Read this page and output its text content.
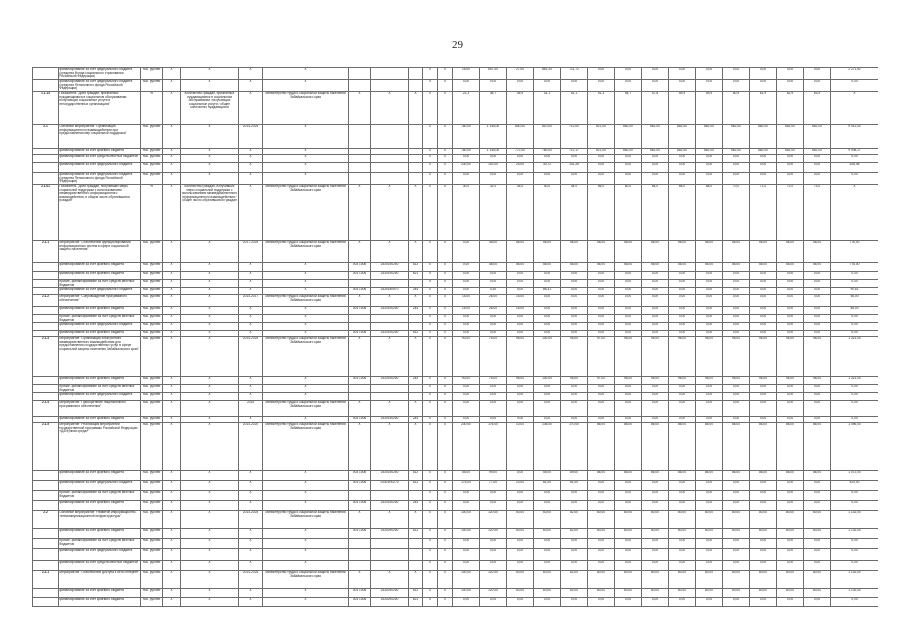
29

	финансирование за счет федерального бюджета (средства Фонда социального страхования Российской Федерации)	тыс. рублей	Х	Х	Х	Х				Х	Х	15,00	657,00	27,00	861,20	711,72	0,00	0,00	0,00	0,00	0,00	0,00	0,00	0,00	0,00	2 271,92

	финансирование за счет федерального бюджета (средства Пенсионного фонда Российской Федерации)	тыс. рублей	Х	Х	Х	Х				Х	Х	0,00	0,00	0,00	0,00	0,00	0,00	0,00	0,00	0,00	0,00	0,00	0,00	0,00	0,00	0,00

1.1.13	Показатель "Доля граждан, признанных нуждающимися в социальном обслуживании, получающих социальные услуги в негосударственных организациях"	%	Х	Количество граждан, признанных нуждающимися в социальном обслуживании, получающих социальные услуги / общее количество нуждающихся	Х	Министерство труда и социальной защиты населения Забайкальского края	Х	Х	Х	Х	Х	21,3	36,7	45,9	41,1	51,1	51,3	54,7	57,8	59,9	59,9	60,9	61,9	62,9	63,9	Х

2.1	Основное мероприятие "Организация информационного взаимодействия при предоставлении мер социальной поддержки"	тыс. рублей	Х	Х	2014-2025	Х				Х	Х	780,00	1 145,00	800,00	810,00	712,00	621,00	682,00	682,00	682,00	682,00	682,00	682,00	682,00	682,00	9 912,00

	финансирование за счет краевого бюджета	тыс. рублей	Х	Х	Х	Х				Х	Х	780,00	1 145,00	772,00	780,00	712,17	621,00	682,00	682,00	682,00	682,00	682,00	682,00	682,00	682,00	9 908,17

	финансирование за счет средств местных бюджетов	тыс. рублей	Х	Х	Х	Х				Х	Х	0,00	0,00	0,00	0,00	0,00	0,00	0,00	0,00	0,00	0,00	0,00	0,00	0,00	0,00	0,00

	финансирование за счет федерального бюджета	тыс. рублей	Х	Х	Х	Х				Х	Х	230,00	102,00	25,00	30,72	141,26	0,00	0,00	0,00	0,00	0,00	0,00	0,00	0,00	0,00	528,98

	финансирование за счет федерального бюджета (средства Пенсионного фонда Российской Федерации)	тыс. рублей	Х	Х	Х	Х				Х	Х	0,00	0,00	0,00	0,00	0,00	0,00	0,00	0,00	0,00	0,00	0,00	0,00	0,00	0,00	0,00

2.1.01	Показатель "Доля граждан, получивших меры социальной поддержки с использованием межведомственного информационного взаимодействия, в общем числе обратившихся граждан"	%	Х	Количество граждан, получивших меры социальной поддержки с использованием межведомственного информационного взаимодействия / общее число обратившихся граждан	Х	Министерство труда и социальной защиты населения Забайкальского края	Х	Х	Х	Х	Х	30,0	32,0	35,0	40,0	44,0	56,0	60,0	64,0	66,0	68,0	70,0	71,0	72,0	73,0	Х

2.1.1	Мероприятие "Обеспечение функционирования информационных систем в сфере социальной защиты населения"	тыс. рублей	Х	Х	2017-2025	Министерство труда и социальной защиты населения Забайкальского края	Х	Х	Х	Х	Х	0,00	48,00	56,00	56,00	56,00	56,00	56,00	56,00	56,00	56,00	56,00	56,00	56,00	56,00	776,00

	финансирование за счет краевого бюджета	тыс. рублей	Х	Х	Х	Х	003 1006	2430190250	612	Х	Х	0,00	48,00	56,00	56,00	56,00	56,00	56,00	56,00	56,00	56,00	56,00	56,00	56,00	56,00	776,00

	финансирование за счет краевого бюджета	тыс. рублей	Х	Х	Х	Х	003 1006	2430190250	621	Х	Х	0,00	0,00	0,00	0,00	0,00	0,00	0,00	0,00	0,00	0,00	0,00	0,00	0,00	0,00	0,00

	прочие, финансирование за счет средств местных бюджетов	тыс. рублей	Х	Х	Х	Х				Х	Х	0,00	0,00	0,00	0,00	0,00	0,00	0,00	0,00	0,00	0,00	0,00	0,00	0,00	0,00	0,00

	финансирование за счет федерального бюджета	тыс. рублей	Х	Х	Х	Х	003 1006	2430150970	244	Х	Х	0,00	4,30	0,00	86,31	0,00	0,00	0,00	0,00	0,00	0,00	0,00	0,00	0,00	0,00	90,61

2.1.2	Мероприятие "Сопровождение программного обеспечения"	тыс. рублей	Х	Х	2014-2017	Министерство труда и социальной защиты населения Забайкальского края	Х	Х	Х	Х	Х	15,00	26,00	15,00	0,00	0,00	0,00	0,00	0,00	0,00	0,00	0,00	0,00	0,00	0,00	56,00

	финансирование за счет краевого бюджета	тыс. рублей	Х	Х	Х	Х	003 1006	2430190250	244	Х	Х	15,00	26,00	15,00	0,00	0,00	0,00	0,00	0,00	0,00	0,00	0,00	0,00	0,00	0,00	56,00

	прочие, финансирование за счет средств местных бюджетов	тыс. рублей	Х	Х	Х	Х				Х	Х	0,00	0,00	0,00	0,00	0,00	0,00	0,00	0,00	0,00	0,00	0,00	0,00	0,00	0,00	0,00

	финансирование за счет федерального бюджета	тыс. рублей	Х	Х	Х	Х				Х	Х	0,00	0,00	0,00	0,00	0,00	0,00	0,00	0,00	0,00	0,00	0,00	0,00	0,00	0,00	0,00

	финансирование за счет краевого бюджета	тыс. рублей	Х	Х	Х	Х	003 1006	2430190250	612	Х	Х	0,00	0,00	0,00	0,00	0,00	0,00	0,00	0,00	0,00	0,00	0,00	0,00	0,00	0,00	0,00

2.1.3	Мероприятие "Организация электронного межведомственного взаимодействия для предоставления государственных услуг в сфере социальной защиты населения Забайкальского края"	тыс. рублей	Х	Х	2014-2025	Министерство труда и социальной защиты населения Забайкальского края	Х	Х	Х	Х	Х	90,00	75,00	96,00	100,00	95,00	97,00	96,00	96,00	96,00	96,00	96,00	96,00	96,00	96,00	1 321,00

	финансирование за счет краевого бюджета	тыс. рублей	Х	Х	Х	Х	003 1006	2430190250	244	Х	Х	90,00	75,00	96,00	100,00	95,00	97,00	96,00	96,00	96,00	96,00	96,00	96,00	96,00	96,00	1 321,00

	прочие, финансирование за счет средств местных бюджетов	тыс. рублей	Х	Х	Х	Х				Х	Х	0,00	0,00	0,00	0,00	0,00	0,00	0,00	0,00	0,00	0,00	0,00	0,00	0,00	0,00	0,00

	финансирование за счет федерального бюджета	тыс. рублей	Х	Х	Х	Х				Х	Х	0,00	0,00	0,00	0,00	0,00	0,00	0,00	0,00	0,00	0,00	0,00	0,00	0,00	0,00	0,00

2.1.4	Мероприятие "Приобретение лицензионного программного обеспечения"	тыс. рублей	Х	Х	2015	Министерство труда и социальной защиты населения Забайкальского края	Х	Х	Х	Х	Х	0,00	0,00	0,00	0,00	0,00	0,00	0,00	0,00	0,00	0,00	0,00	0,00	0,00	0,00	0,00

	финансирование за счет краевого бюджета	тыс. рублей	Х	Х	Х	Х	003 1006	2430190250	244	Х	Х	0,00	0,00	0,00	0,00	0,00	0,00	0,00	0,00	0,00	0,00	0,00	0,00	0,00	0,00	0,00

2.1.5	Мероприятие "Реализация мероприятий государственной программы Российской Федерации «Доступная среда»"	тыс. рублей	Х	Х	2014-2020	Министерство труда и социальной защиты населения Забайкальского края	Х	Х	Х	Х	Х	230,00	176,00	10,00	136,00	170,00	86,00	86,00	86,00	86,00	86,00	86,00	86,00	86,00	86,00	1 496,00

	финансирование за счет краевого бюджета	тыс. рублей	Х	Х	Х	Х	003 1006	2430190250	612	Х	Х	55,00	99,00	0,00	55,00	89,00	86,00	86,00	86,00	86,00	86,00	86,00	86,00	86,00	86,00	1 072,00

	финансирование за счет федерального бюджета	тыс. рублей	Х	Х	Х	Х	003 1006	24301R0270	612	Х	Х	175,00	77,00	10,00	81,00	81,00	0,00	0,00	0,00	0,00	0,00	0,00	0,00	0,00	0,00	424,00

	прочие, финансирование за счет средств местных бюджетов	тыс. рублей	Х	Х	Х	Х				Х	Х	0,00	0,00	0,00	0,00	0,00	0,00	0,00	0,00	0,00	0,00	0,00	0,00	0,00	0,00	0,00

	финансирование за счет краевого бюджета	тыс. рублей	Х	Х	Х	Х	003 1006	2430190250	244	Х	Х	0,00	0,00	0,00	0,00	0,00	0,00	0,00	0,00	0,00	0,00	0,00	0,00	0,00	0,00	0,00

2.2	Основное мероприятие "Развитие информационно-телекоммуникационной инфраструктуры"	тыс. рублей	Х	Х	2014-2025	Министерство труда и социальной защиты населения Забайкальского края	Х	Х	Х	Х	Х	100,00	120,00	50,00	60,00	82,00	80,00	80,00	80,00	80,00	80,00	80,00	80,00	80,00	80,00	1 132,00

	финансирование за счет краевого бюджета	тыс. рублей	Х	Х	Х	Х	003 1006	2430290250	612	Х	Х	100,00	120,00	50,00	60,00	82,00	80,00	80,00	80,00	80,00	80,00	80,00	80,00	80,00	80,00	1 132,00

	прочие, финансирование за счет средств местных бюджетов	тыс. рублей	Х	Х	Х	Х				Х	Х	0,00	0,00	0,00	0,00	0,00	0,00	0,00	0,00	0,00	0,00	0,00	0,00	0,00	0,00	0,00

	финансирование за счет федерального бюджета	тыс. рублей	Х	Х	Х	Х				Х	Х	0,00	0,00	0,00	0,00	0,00	0,00	0,00	0,00	0,00	0,00	0,00	0,00	0,00	0,00	0,00

	финансирование за счет средств местных бюджетов	тыс. рублей	Х	Х	Х	Х				Х	Х	0,00	0,00	0,00	0,00	0,00	0,00	0,00	0,00	0,00	0,00	0,00	0,00	0,00	0,00	0,00

2.2.1	Мероприятие "Обеспечение доступа к сети Интернет"	тыс. рублей	Х	Х	2014-2025	Министерство труда и социальной защиты населения Забайкальского края	Х	Х	Х	Х	Х	100,00	120,00	50,00	60,00	82,00	80,00	80,00	80,00	80,00	80,00	80,00	80,00	80,00	80,00	1 132,00

	финансирование за счет краевого бюджета	тыс. рублей	Х	Х	Х	Х	003 1006	2430290250	612	Х	Х	100,00	120,00	50,00	60,00	82,00	80,00	80,00	80,00	80,00	80,00	80,00	80,00	80,00	80,00	1 132,00

	финансирование за счет краевого бюджета	тыс. рублей	Х	Х	Х	Х	003 1006	2430290250	621	Х	Х	0,00	0,00	0,00	0,00	0,00	0,00	0,00	0,00	0,00	0,00	0,00	0,00	0,00	0,00	0,00
